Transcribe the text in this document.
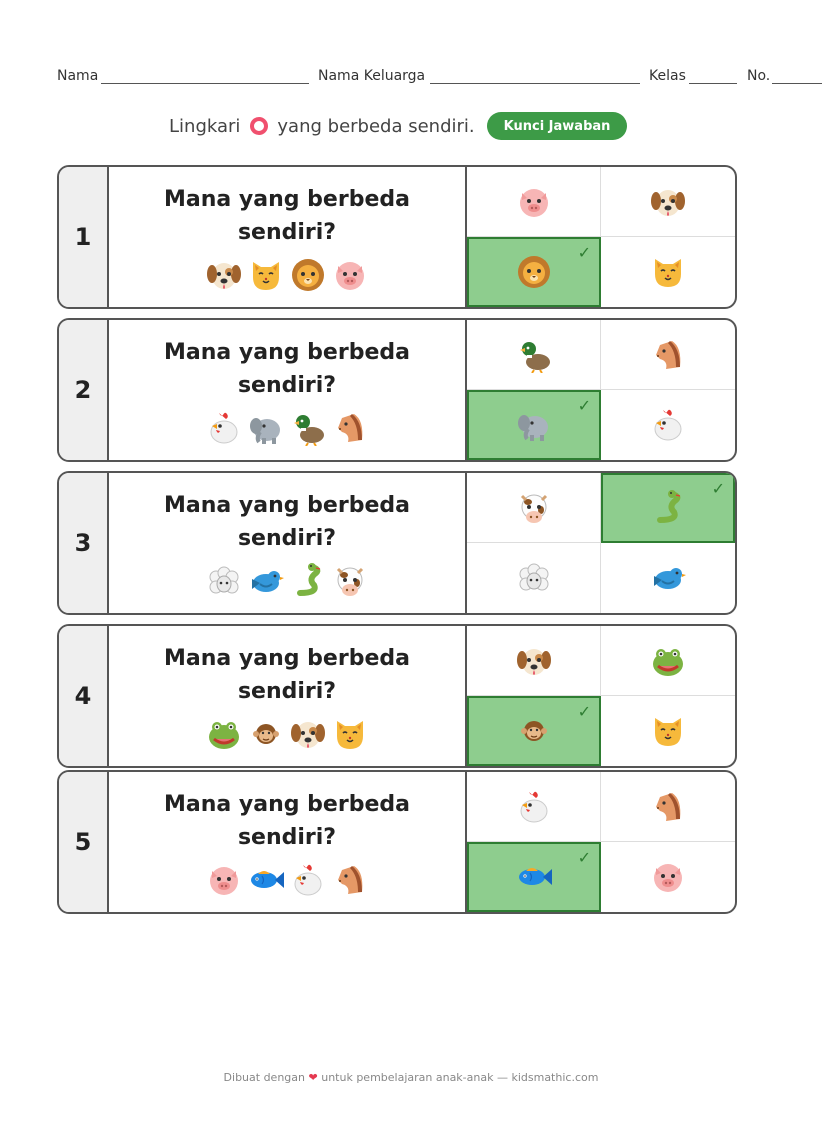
Nama	Nama Keluarga	Kelas	No.
Lingkari yang berbeda sendiri.	Kunci Jawaban
1
Mana yang berbeda
sendiri?
✓
2
Mana yang berbeda
sendiri?
✓
3
Mana yang berbeda
sendiri?
✓
4
Mana yang berbeda
sendiri?
✓
5
Mana yang berbeda
sendiri?
✓
Dibuat dengan ❤ untuk pembelajaran anak-anak — kidsmathic.com
